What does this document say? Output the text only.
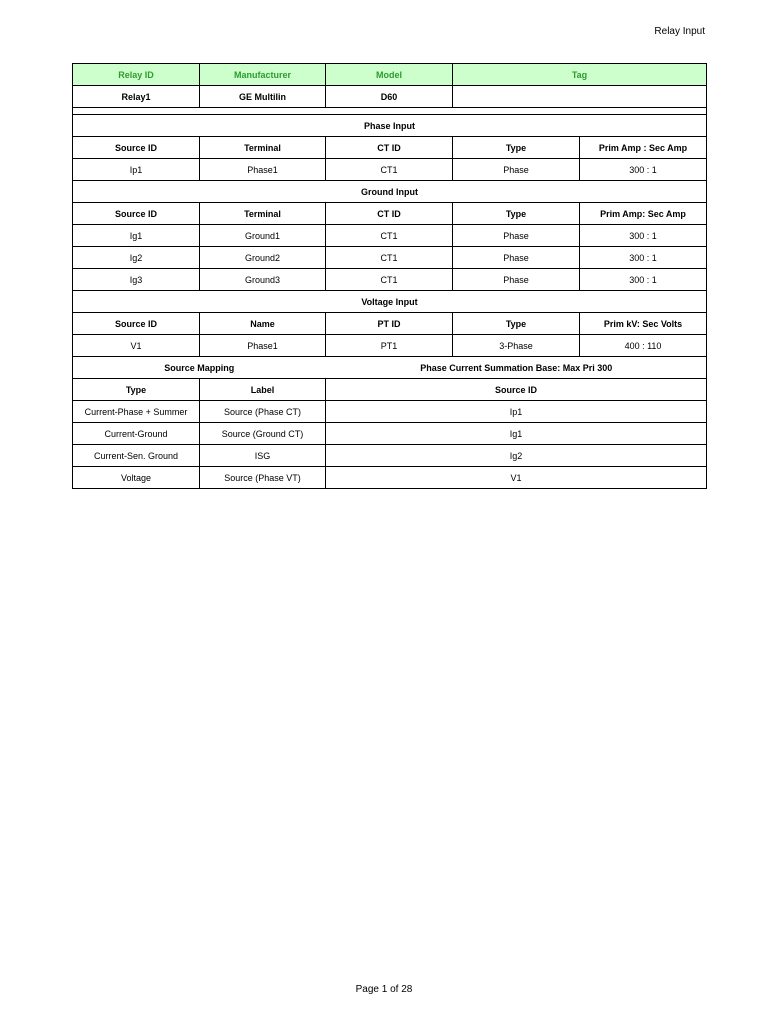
Relay Input
Relay ID	Manufacturer	Model	Tag	
Relay1	GE Multilin	D60		

Phase Input				
Source ID	Terminal	CT ID	Type	Prim Amp : Sec Amp
Ip1	Phase1	CT1	Phase	300 : 1
Ground Input				
Source ID	Terminal	CT ID	Type	Prim Amp: Sec Amp
Ig1	Ground1	CT1	Phase	300 : 1
Ig2	Ground2	CT1	Phase	300 : 1
Ig3	Ground3	CT1	Phase	300 : 1
Voltage Input				
Source ID	Name	PT ID	Type	Prim kV: Sec Volts
V1	Phase1	PT1	3-Phase	400 : 110
Source Mapping		Phase Current Summation Base: Max Pri 300		
Type	Label	Source ID		
Current-Phase + Summer	Source (Phase CT)	Ip1		
Current-Ground	Source (Ground CT)	Ig1		
Current-Sen. Ground	ISG	Ig2		
Voltage	Source (Phase VT)	V1		
Page 1 of 28
